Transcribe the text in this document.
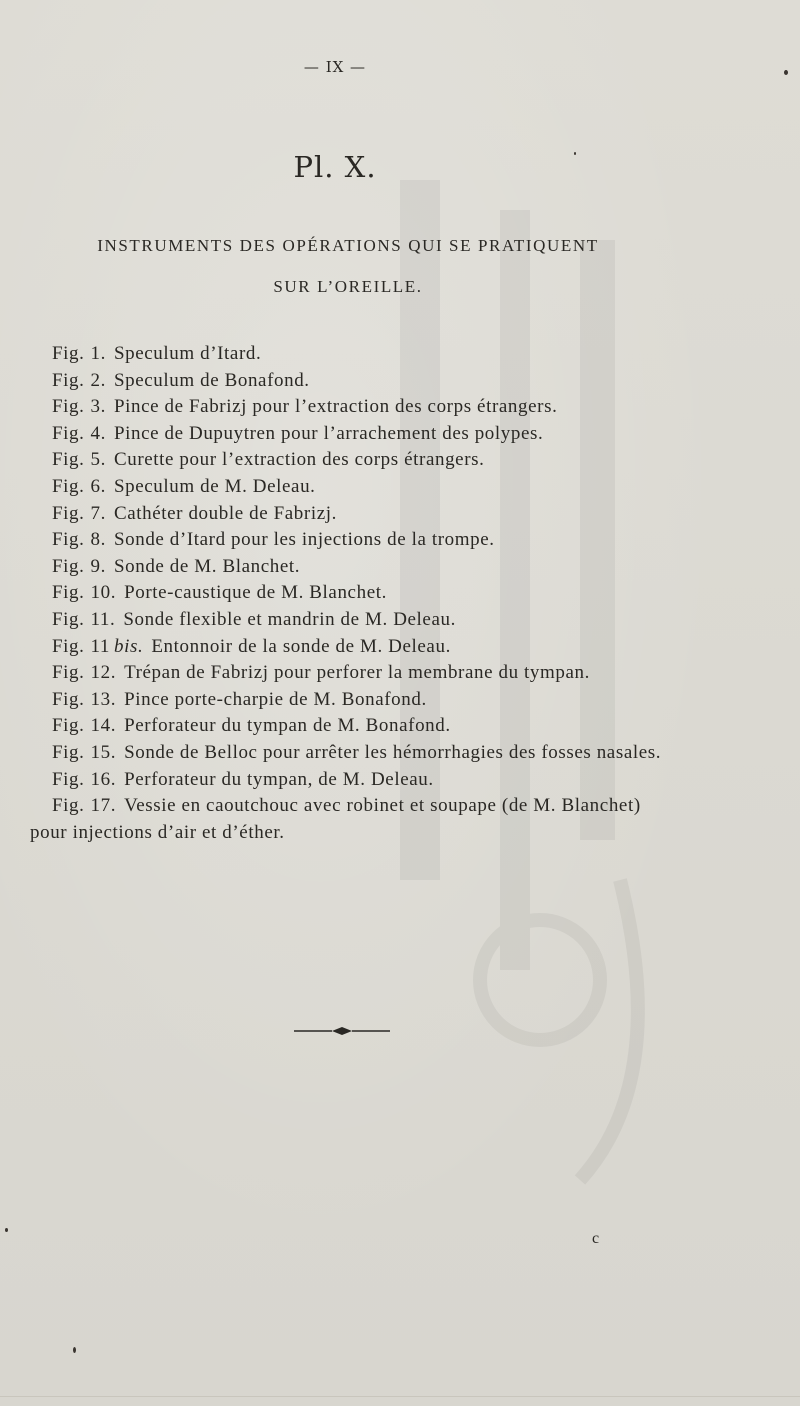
— IX —
Pl. X.
INSTRUMENTS DES OPÉRATIONS QUI SE PRATIQUENT
SUR L’OREILLE.
Fig. 1. Speculum d’Itard.
Fig. 2. Speculum de Bonafond.
Fig. 3. Pince de Fabrizj pour l’extraction des corps étrangers.
Fig. 4. Pince de Dupuytren pour l’arrachement des polypes.
Fig. 5. Curette pour l’extraction des corps étrangers.
Fig. 6. Speculum de M. Deleau.
Fig. 7. Cathéter double de Fabrizj.
Fig. 8. Sonde d’Itard pour les injections de la trompe.
Fig. 9. Sonde de M. Blanchet.
Fig. 10. Porte-caustique de M. Blanchet.
Fig. 11. Sonde flexible et mandrin de M. Deleau.
Fig. 11 bis. Entonnoir de la sonde de M. Deleau.
Fig. 12. Trépan de Fabrizj pour perforer la membrane du tympan.
Fig. 13. Pince porte-charpie de M. Bonafond.
Fig. 14. Perforateur du tympan de M. Bonafond.
Fig. 15. Sonde de Belloc pour arrêter les hémorrhagies des fosses nasales.
Fig. 16. Perforateur du tympan, de M. Deleau.
Fig. 17. Vessie en caoutchouc avec robinet et soupape (de M. Blanchet) pour injections d’air et d’éther.
c
